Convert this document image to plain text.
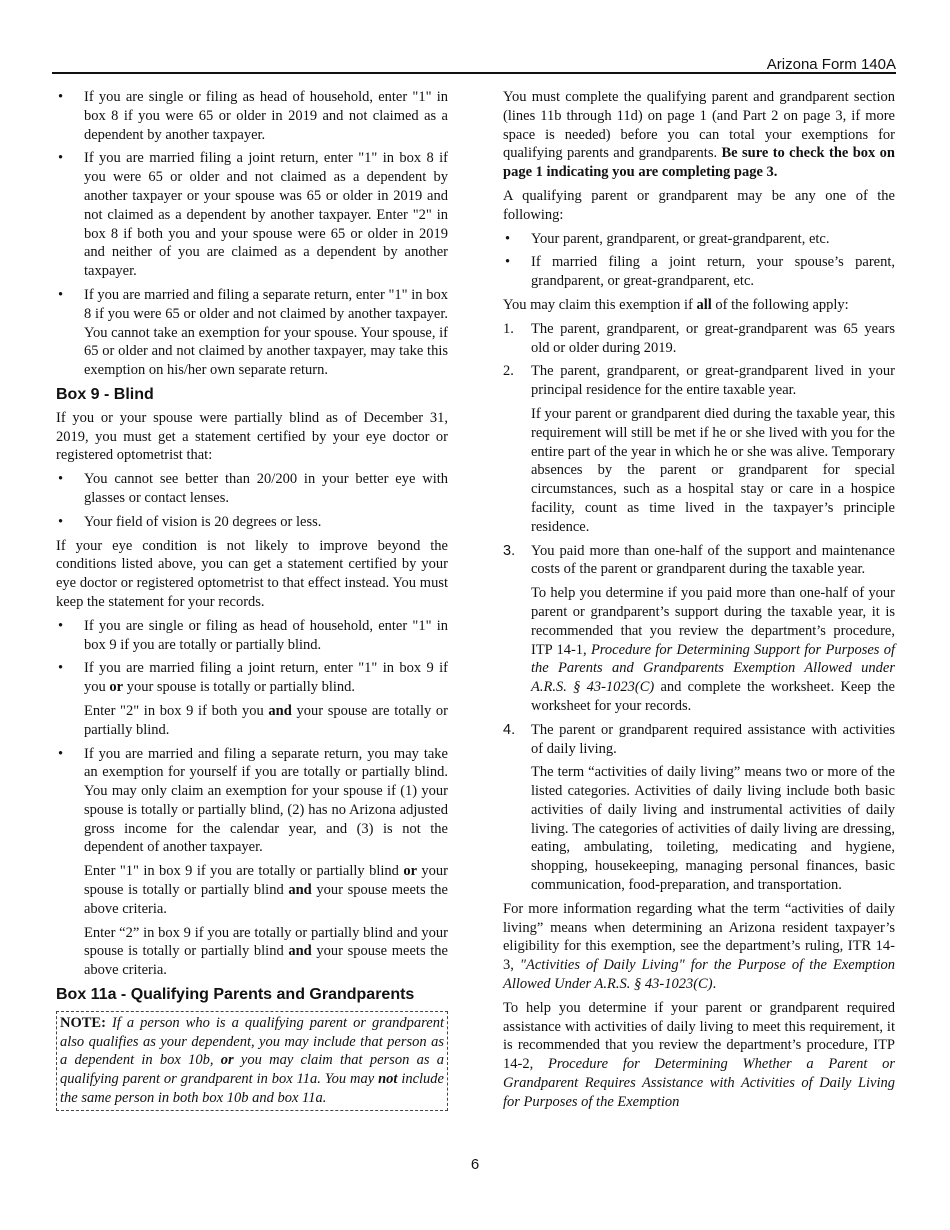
Arizona Form 140A
• If you are single or filing as head of household, enter "1" in box 8 if you were 65 or older in 2019 and not claimed as a dependent by another taxpayer.
• If you are married filing a joint return, enter "1" in box 8 if you were 65 or older and not claimed as a dependent by another taxpayer or your spouse was 65 or older in 2019 and not claimed as a dependent by another taxpayer. Enter "2" in box 8 if both you and your spouse were 65 or older in 2019 and neither of you are claimed as a dependent by another taxpayer.
• If you are married and filing a separate return, enter "1" in box 8 if you were 65 or older and not claimed by another taxpayer. You cannot take an exemption for your spouse. Your spouse, if 65 or older and not claimed by another taxpayer, may take this exemption on his/her own separate return.
Box 9 - Blind

If you or your spouse were partially blind as of December 31, 2019, you must get a statement certified by your eye doctor or registered optometrist that:

• You cannot see better than 20/200 in your better eye with glasses or contact lenses.
• Your field of vision is 20 degrees or less.

If your eye condition is not likely to improve beyond the conditions listed above, you can get a statement certified by your eye doctor or registered optometrist to that effect instead. You must keep the statement for your records.

• If you are single or filing as head of household, enter "1" in box 9 if you are totally or partially blind.
• If you are married filing a joint return, enter "1" in box 9 if you or your spouse is totally or partially blind.

Enter "2" in box 9 if both you and your spouse are totally or partially blind.

• If you are married and filing a separate return, you may take an exemption for yourself if you are totally or partially blind. You may only claim an exemption for your spouse if (1) your spouse is totally or partially blind, (2) has no Arizona adjusted gross income for the calendar year, and (3) is not the dependent of another taxpayer.

Enter "1" in box 9 if you are totally or partially blind or your spouse is totally or partially blind and your spouse meets the above criteria.

Enter “2” in box 9 if you are totally or partially blind and your spouse is totally or partially blind and your spouse meets the above criteria.

Box 11a - Qualifying Parents and Grandparents
NOTE: If a person who is a qualifying parent or grandparent also qualifies as your dependent, you may include that person as a dependent in box 10b, or you may claim that person as a qualifying parent or grandparent in box 11a. You may not include the same person in both box 10b and box 11a.

You must complete the qualifying parent and grandparent section (lines 11b through 11d) on page 1 (and Part 2 on page 3, if more space is needed) before you can total your exemptions for qualifying parents and grandparents. Be sure to check the box on page 1 indicating you are completing page 3.

A qualifying parent or grandparent may be any one of the following:

• Your parent, grandparent, or great-grandparent, etc.
• If married filing a joint return, your spouse’s parent, grandparent, or great-grandparent, etc.

You may claim this exemption if all of the following apply:

1. The parent, grandparent, or great-grandparent was 65 years old or older during 2019.
2. The parent, grandparent, or great-grandparent lived in your principal residence for the entire taxable year.

If your parent or grandparent died during the taxable year, this requirement will still be met if he or she lived with you for the entire part of the year in which he or she was alive. Temporary absences by the parent or grandparent for special circumstances, such as a hospital stay or care in a hospice facility, count as time lived in the taxpayer’s principle residence.

3. You paid more than one-half of the support and maintenance costs of the parent or grandparent during the taxable year.

To help you determine if you paid more than one-half of your parent or grandparent’s support during the taxable year, it is recommended that you review the department’s procedure, ITP 14-1, Procedure for Determining Support for Purposes of the Parents and Grandparents Exemption Allowed under A.R.S. § 43-1023(C) and complete the worksheet. Keep the worksheet for your records.

4. The parent or grandparent required assistance with activities of daily living.

The term “activities of daily living” means two or more of the listed categories. Activities of daily living include both basic activities of daily living and instrumental activities of daily living. The categories of activities of daily living are dressing, eating, ambulating, toileting, medicating and hygiene, shopping, housekeeping, managing personal finances, basic communication, food-preparation, and transportation.

For more information regarding what the term “activities of daily living” means when determining an Arizona resident taxpayer’s eligibility for this exemption, see the department’s ruling, ITR 14-3, "Activities of Daily Living" for the Purpose of the Exemption Allowed Under A.R.S. § 43-1023(C).

To help you determine if your parent or grandparent required assistance with activities of daily living to meet this requirement, it is recommended that you review the department’s procedure, ITP 14-2, Procedure for Determining Whether a Parent or Grandparent Requires Assistance with Activities of Daily Living for Purposes of the Exemption

6
